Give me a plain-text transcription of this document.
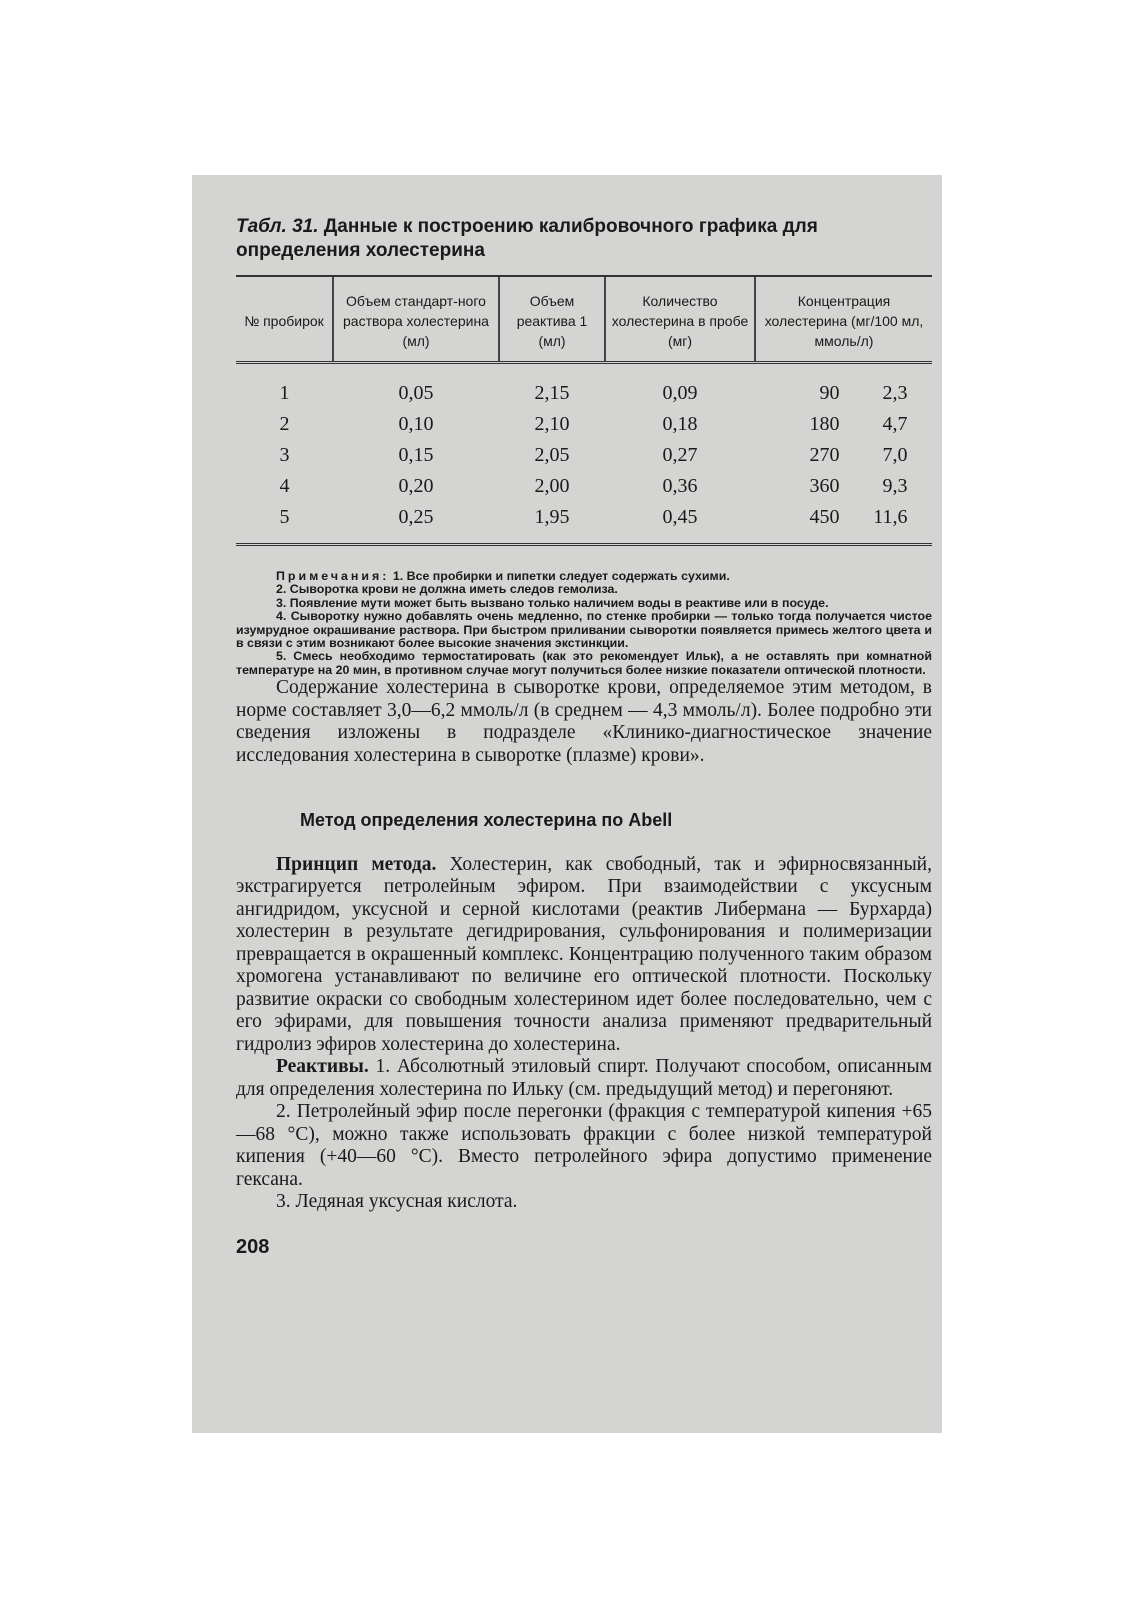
Табл. 31. Данные к построению калибровочного графика для определения холестерина
№ пробирок	Объем стандарт-ного раствора холестерина (мл)	Объем реактива 1 (мл)	Количество холестерина в пробе (мг)	Концентрация холестерина (мг/100 мл, ммоль/л)
1	0,05	2,15	0,09	90 2,3
2	0,10	2,10	0,18	180 4,7
3	0,15	2,05	0,27	270 7,0
4	0,20	2,00	0,36	360 9,3
5	0,25	1,95	0,45	450 11,6

Примечания: 1. Все пробирки и пипетки следует содержать сухими.

2. Сыворотка крови не должна иметь следов гемолиза.

3. Появление мути может быть вызвано только наличием воды в реактиве или в посуде.

4. Сыворотку нужно добавлять очень медленно, по стенке пробирки — только тогда получается чистое изумрудное окрашивание раствора. При быстром приливании сыворотки появляется примесь желтого цвета и в связи с этим возникают более высокие значения экстинкции.

5. Смесь необходимо термостатировать (как это рекомендует Ильк), а не оставлять при комнатной температуре на 20 мин, в противном случае могут получиться более низкие показатели оптической плотности.

Содержание холестерина в сыворотке крови, определяемое этим методом, в норме составляет 3,0—6,2 ммоль/л (в среднем — 4,3 ммоль/л). Более подробно эти сведения изложены в подразделе «Клинико-диагностическое значение исследования холестерина в сыворотке (плазме) крови».

Метод определения холестерина по Abell

Принцип метода. Холестерин, как свободный, так и эфирносвязанный, экстрагируется петролейным эфиром. При взаимодействии с уксусным ангидридом, уксусной и серной кислотами (реактив Либермана — Бурхарда) холестерин в результате дегидрирования, сульфонирования и полимеризации превращается в окрашенный комплекс. Концентрацию полученного таким образом хромогена устанавливают по величине его оптической плотности. Поскольку развитие окраски со свободным холестерином идет более последовательно, чем с его эфирами, для повышения точности анализа применяют предварительный гидролиз эфиров холестерина до холестерина.

Реактивы. 1. Абсолютный этиловый спирт. Получают способом, описанным для определения холестерина по Ильку (см. предыдущий метод) и перегоняют.

2. Петролейный эфир после перегонки (фракция с температурой кипения +65—68 °С), можно также использовать фракции с более низкой температурой кипения (+40—60 °С). Вместо петролейного эфира допустимо применение гексана.

3. Ледяная уксусная кислота.

208
